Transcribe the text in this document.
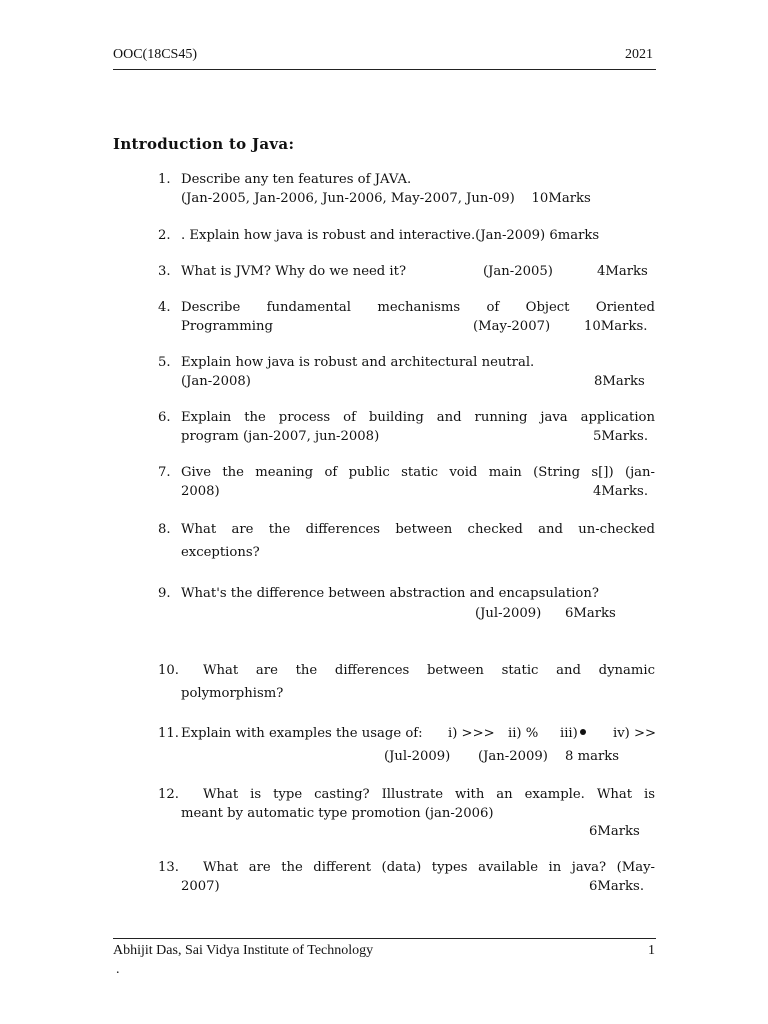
OOC(18CS45)	2021
Introduction to Java:
1. Describe any ten features of JAVA.
(Jan-2005, Jan-2006, Jun-2006, May-2007, Jun-09)    10Marks
2. . Explain how java is robust and interactive.(Jan-2009) 6marks
3. What is JVM? Why do we need it?	(Jan-2005)	4Marks
4. Describe fundamental mechanisms of Object Oriented
Programming	(May-2007)	10Marks.
5. Explain how java is robust and architectural neutral.
(Jan-2008)	8Marks
6. Explain the process of building and running java application
program (jan-2007, jun-2008)	5Marks.
7. Give the meaning of public static void main (String s[]) (jan-
2008)	4Marks.
8. What are the differences between checked and un-checked
exceptions?
9. What's the difference between abstraction and encapsulation?
(Jul-2009) 6Marks
10. What are the differences between static and dynamic
polymorphism?
11. Explain with examples the usage of: i) >>> ii) % iii)	iv) >>
(Jul-2009) (Jan-2009) 8 marks
12. What is type casting? Illustrate with an example. What is
meant by automatic type promotion (jan-2006)
6Marks
13. What are the different (data) types available in java? (May-
2007)	6Marks.
Abhijit Das, Sai Vidya Institute of Technology	1
.
